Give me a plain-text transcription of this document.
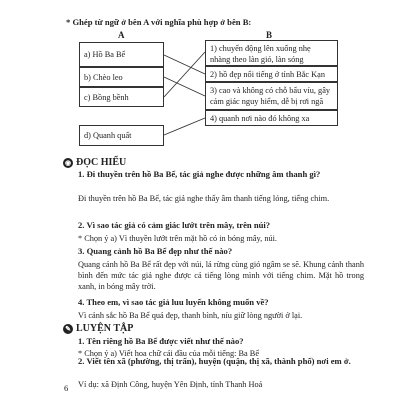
* Ghép từ ngữ ở bên A với nghĩa phù hợp ở bên B:
A	B
a) Hồ Ba Bể
b) Chèo leo
c) Bồng bềnh
d) Quanh quất
1) chuyển động lên xuống nhẹ nhàng theo làn gió, làn sóng
2) hồ đẹp nổi tiếng ở tỉnh Bắc Kạn
3) cao và không có chỗ bấu víu, gây cảm giác nguy hiểm, dễ bị rơi ngã
4) quanh nơi nào đó không xa
◉ ĐỌC HIỂU
1. Đi thuyền trên hồ Ba Bể, tác giả nghe được những âm thanh gì?
Đi thuyền trên hồ Ba Bể, tác giả nghe thấy âm thanh tiếng lóng, tiếng chim.
2. Vì sao tác giả có cảm giác lướt trên mây, trên núi?
* Chọn ý a) Vì thuyền lướt trên mặt hồ có in bóng mây, núi.
3. Quang cảnh hồ Ba Bể đẹp như thế nào?
Quang cảnh hồ Ba Bể rất đẹp với núi, lá rừng cùng gió ngâm se sẽ. Khung cảnh thanh bình đến mức tác giả nghe được cả tiếng lòng mình với tiếng chim. Mặt hồ trong xanh, in bóng mây trời.
4. Theo em, vì sao tác giả luu luyến không muốn về?
Vì cảnh sắc hồ Ba Bể quá đẹp, thanh bình, níu giữ lòng người ở lại.
✎ LUYỆN TẬP
1. Tên riêng hồ Ba Bể được viết như thế nào?
* Chọn ý a) Viết hoa chữ cái đầu của mỗi tiếng: Ba Bể
2. Viết tên xã (phường, thị trấn), huyện (quận, thị xã, thành phố) nơi em ở.
Ví dụ: xã Định Công, huyện Yên Định, tỉnh Thanh Hoá
6
